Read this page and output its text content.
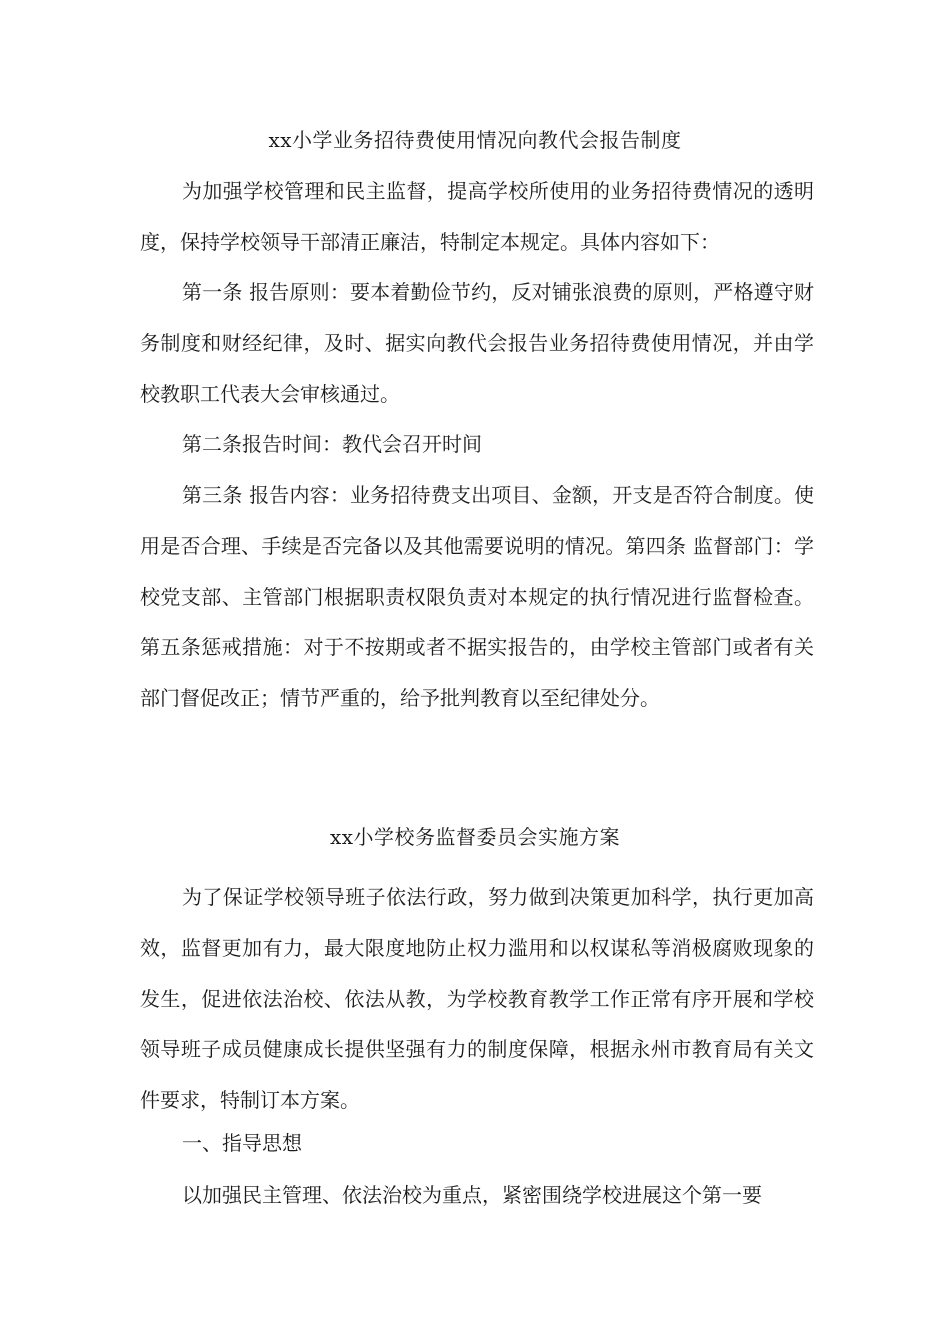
xx小学业务招待费使用情况向教代会报告制度

为加强学校管理和民主监督，提高学校所使用的业务招待费情况的透明度，保持学校领导干部清正廉洁，特制定本规定。具体内容如下：

第一条 报告原则：要本着勤俭节约，反对铺张浪费的原则，严格遵守财务制度和财经纪律，及时、据实向教代会报告业务招待费使用情况，并由学校教职工代表大会审核通过。

第二条报告时间：教代会召开时间

第三条 报告内容：业务招待费支出项目、金额，开支是否符合制度。使用是否合理、手续是否完备以及其他需要说明的情况。第四条 监督部门：学校党支部、主管部门根据职责权限负责对本规定的执行情况进行监督检查。第五条惩戒措施：对于不按期或者不据实报告的，由学校主管部门或者有关部门督促改正；情节严重的，给予批判教育以至纪律处分。

xx小学校务监督委员会实施方案

为了保证学校领导班子依法行政，努力做到决策更加科学，执行更加高效，监督更加有力，最大限度地防止权力滥用和以权谋私等消极腐败现象的发生，促进依法治校、依法从教，为学校教育教学工作正常有序开展和学校领导班子成员健康成长提供坚强有力的制度保障，根据永州市教育局有关文件要求，特制订本方案。

一、指导思想

以加强民主管理、依法治校为重点，紧密围绕学校进展这个第一要
